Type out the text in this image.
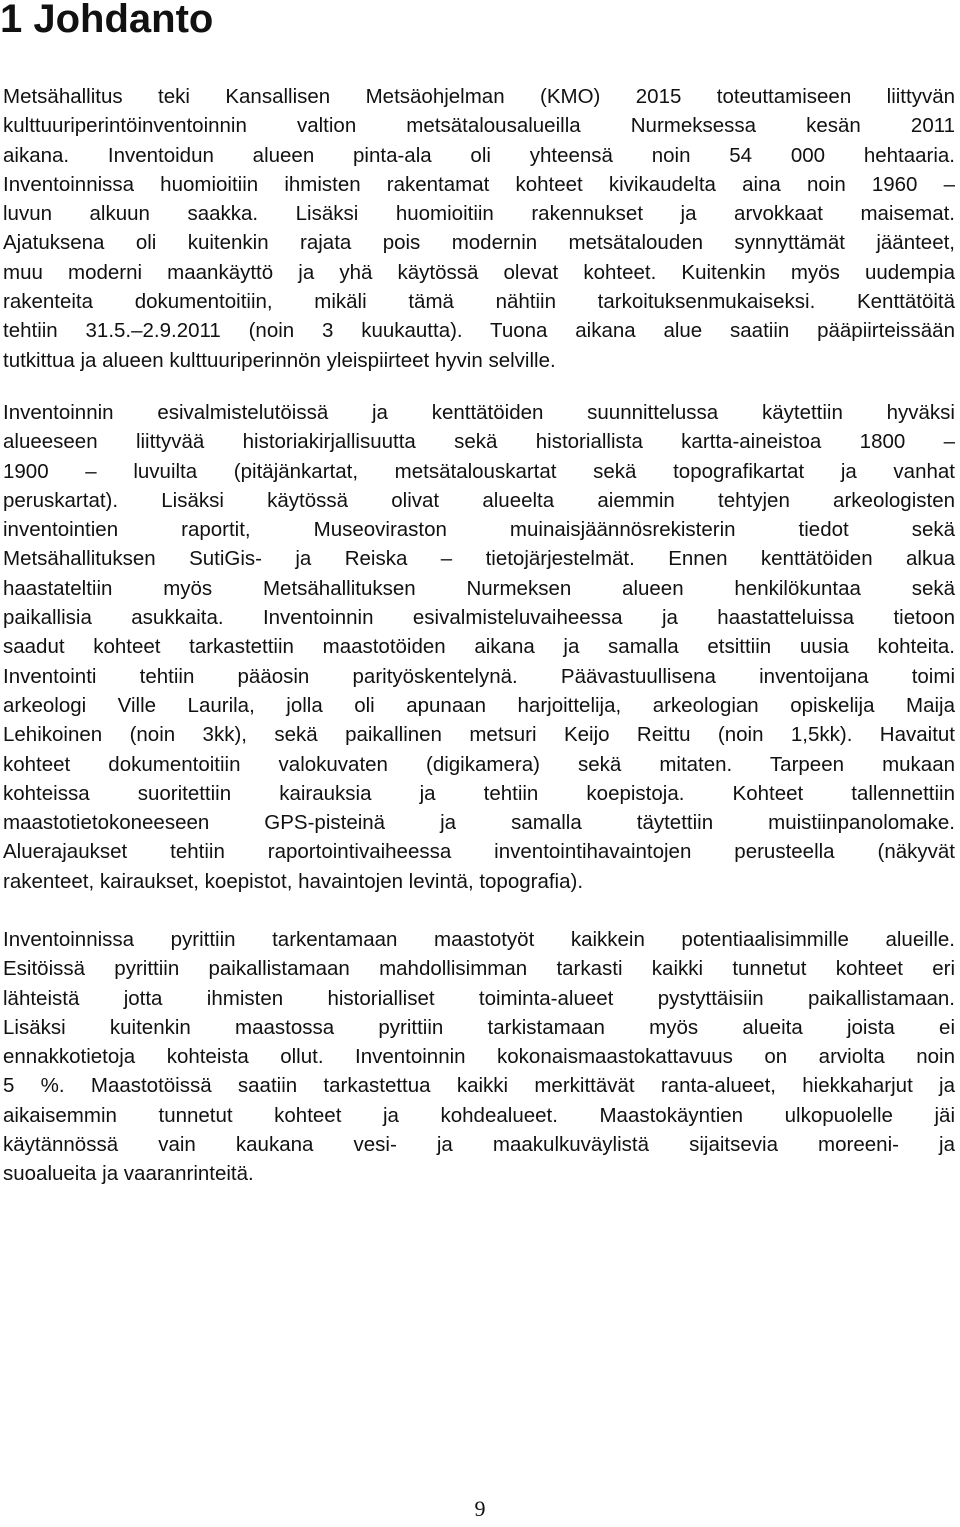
1 Johdanto
Metsähallitus teki Kansallisen Metsäohjelman (KMO) 2015 toteuttamiseen liittyvän
kulttuuriperintöinventoinnin valtion metsätalousalueilla Nurmeksessa kesän 2011
aikana. Inventoidun alueen pinta-ala oli yhteensä noin 54 000 hehtaaria.
Inventoinnissa huomioitiin ihmisten rakentamat kohteet kivikaudelta aina noin 1960 –
luvun alkuun saakka. Lisäksi huomioitiin rakennukset ja arvokkaat maisemat.
Ajatuksena oli kuitenkin rajata pois modernin metsätalouden synnyttämät jäänteet,
muu moderni maankäyttö ja yhä käytössä olevat kohteet. Kuitenkin myös uudempia
rakenteita dokumentoitiin, mikäli tämä nähtiin tarkoituksenmukaiseksi. Kenttätöitä
tehtiin 31.5.–2.9.2011 (noin 3 kuukautta). Tuona aikana alue saatiin pääpiirteissään
tutkittua ja alueen kulttuuriperinnön yleispiirteet hyvin selville.
Inventoinnin esivalmistelutöissä ja kenttätöiden suunnittelussa käytettiin hyväksi
alueeseen liittyvää historiakirjallisuutta sekä historiallista kartta-aineistoa 1800 –
1900 – luvuilta (pitäjänkartat, metsätalouskartat sekä topografikartat ja vanhat
peruskartat). Lisäksi käytössä olivat alueelta aiemmin tehtyjen arkeologisten
inventointien raportit, Museoviraston muinaisjäännösrekisterin tiedot sekä
Metsähallituksen SutiGis- ja Reiska – tietojärjestelmät. Ennen kenttätöiden alkua
haastateltiin myös Metsähallituksen Nurmeksen alueen henkilökuntaa sekä
paikallisia asukkaita. Inventoinnin esivalmisteluvaiheessa ja haastatteluissa tietoon
saadut kohteet tarkastettiin maastotöiden aikana ja samalla etsittiin uusia kohteita.
Inventointi tehtiin pääosin parityöskentelynä. Päävastuullisena inventoijana toimi
arkeologi Ville Laurila, jolla oli apunaan harjoittelija, arkeologian opiskelija Maija
Lehikoinen (noin 3kk), sekä paikallinen metsuri Keijo Reittu (noin 1,5kk). Havaitut
kohteet dokumentoitiin valokuvaten (digikamera) sekä mitaten. Tarpeen mukaan
kohteissa suoritettiin kairauksia ja tehtiin koepistoja. Kohteet tallennettiin
maastotietokoneeseen GPS-pisteinä ja samalla täytettiin muistiinpanolomake.
Aluerajaukset tehtiin raportointivaiheessa inventointihavaintojen perusteella (näkyvät
rakenteet, kairaukset, koepistot, havaintojen levintä, topografia).
Inventoinnissa pyrittiin tarkentamaan maastotyöt kaikkein potentiaalisimmille alueille.
Esitöissä pyrittiin paikallistamaan mahdollisimman tarkasti kaikki tunnetut kohteet eri
lähteistä jotta ihmisten historialliset toiminta-alueet pystyttäisiin paikallistamaan.
Lisäksi kuitenkin maastossa pyrittiin tarkistamaan myös alueita joista ei
ennakkotietoja kohteista ollut. Inventoinnin kokonaismaastokattavuus on arviolta noin
5 %. Maastotöissä saatiin tarkastettua kaikki merkittävät ranta-alueet, hiekkaharjut ja
aikaisemmin tunnetut kohteet ja kohdealueet. Maastokäyntien ulkopuolelle jäi
käytännössä vain kaukana vesi- ja maakulkuväylistä sijaitsevia moreeni- ja
suoalueita ja vaaranrinteitä.

9
